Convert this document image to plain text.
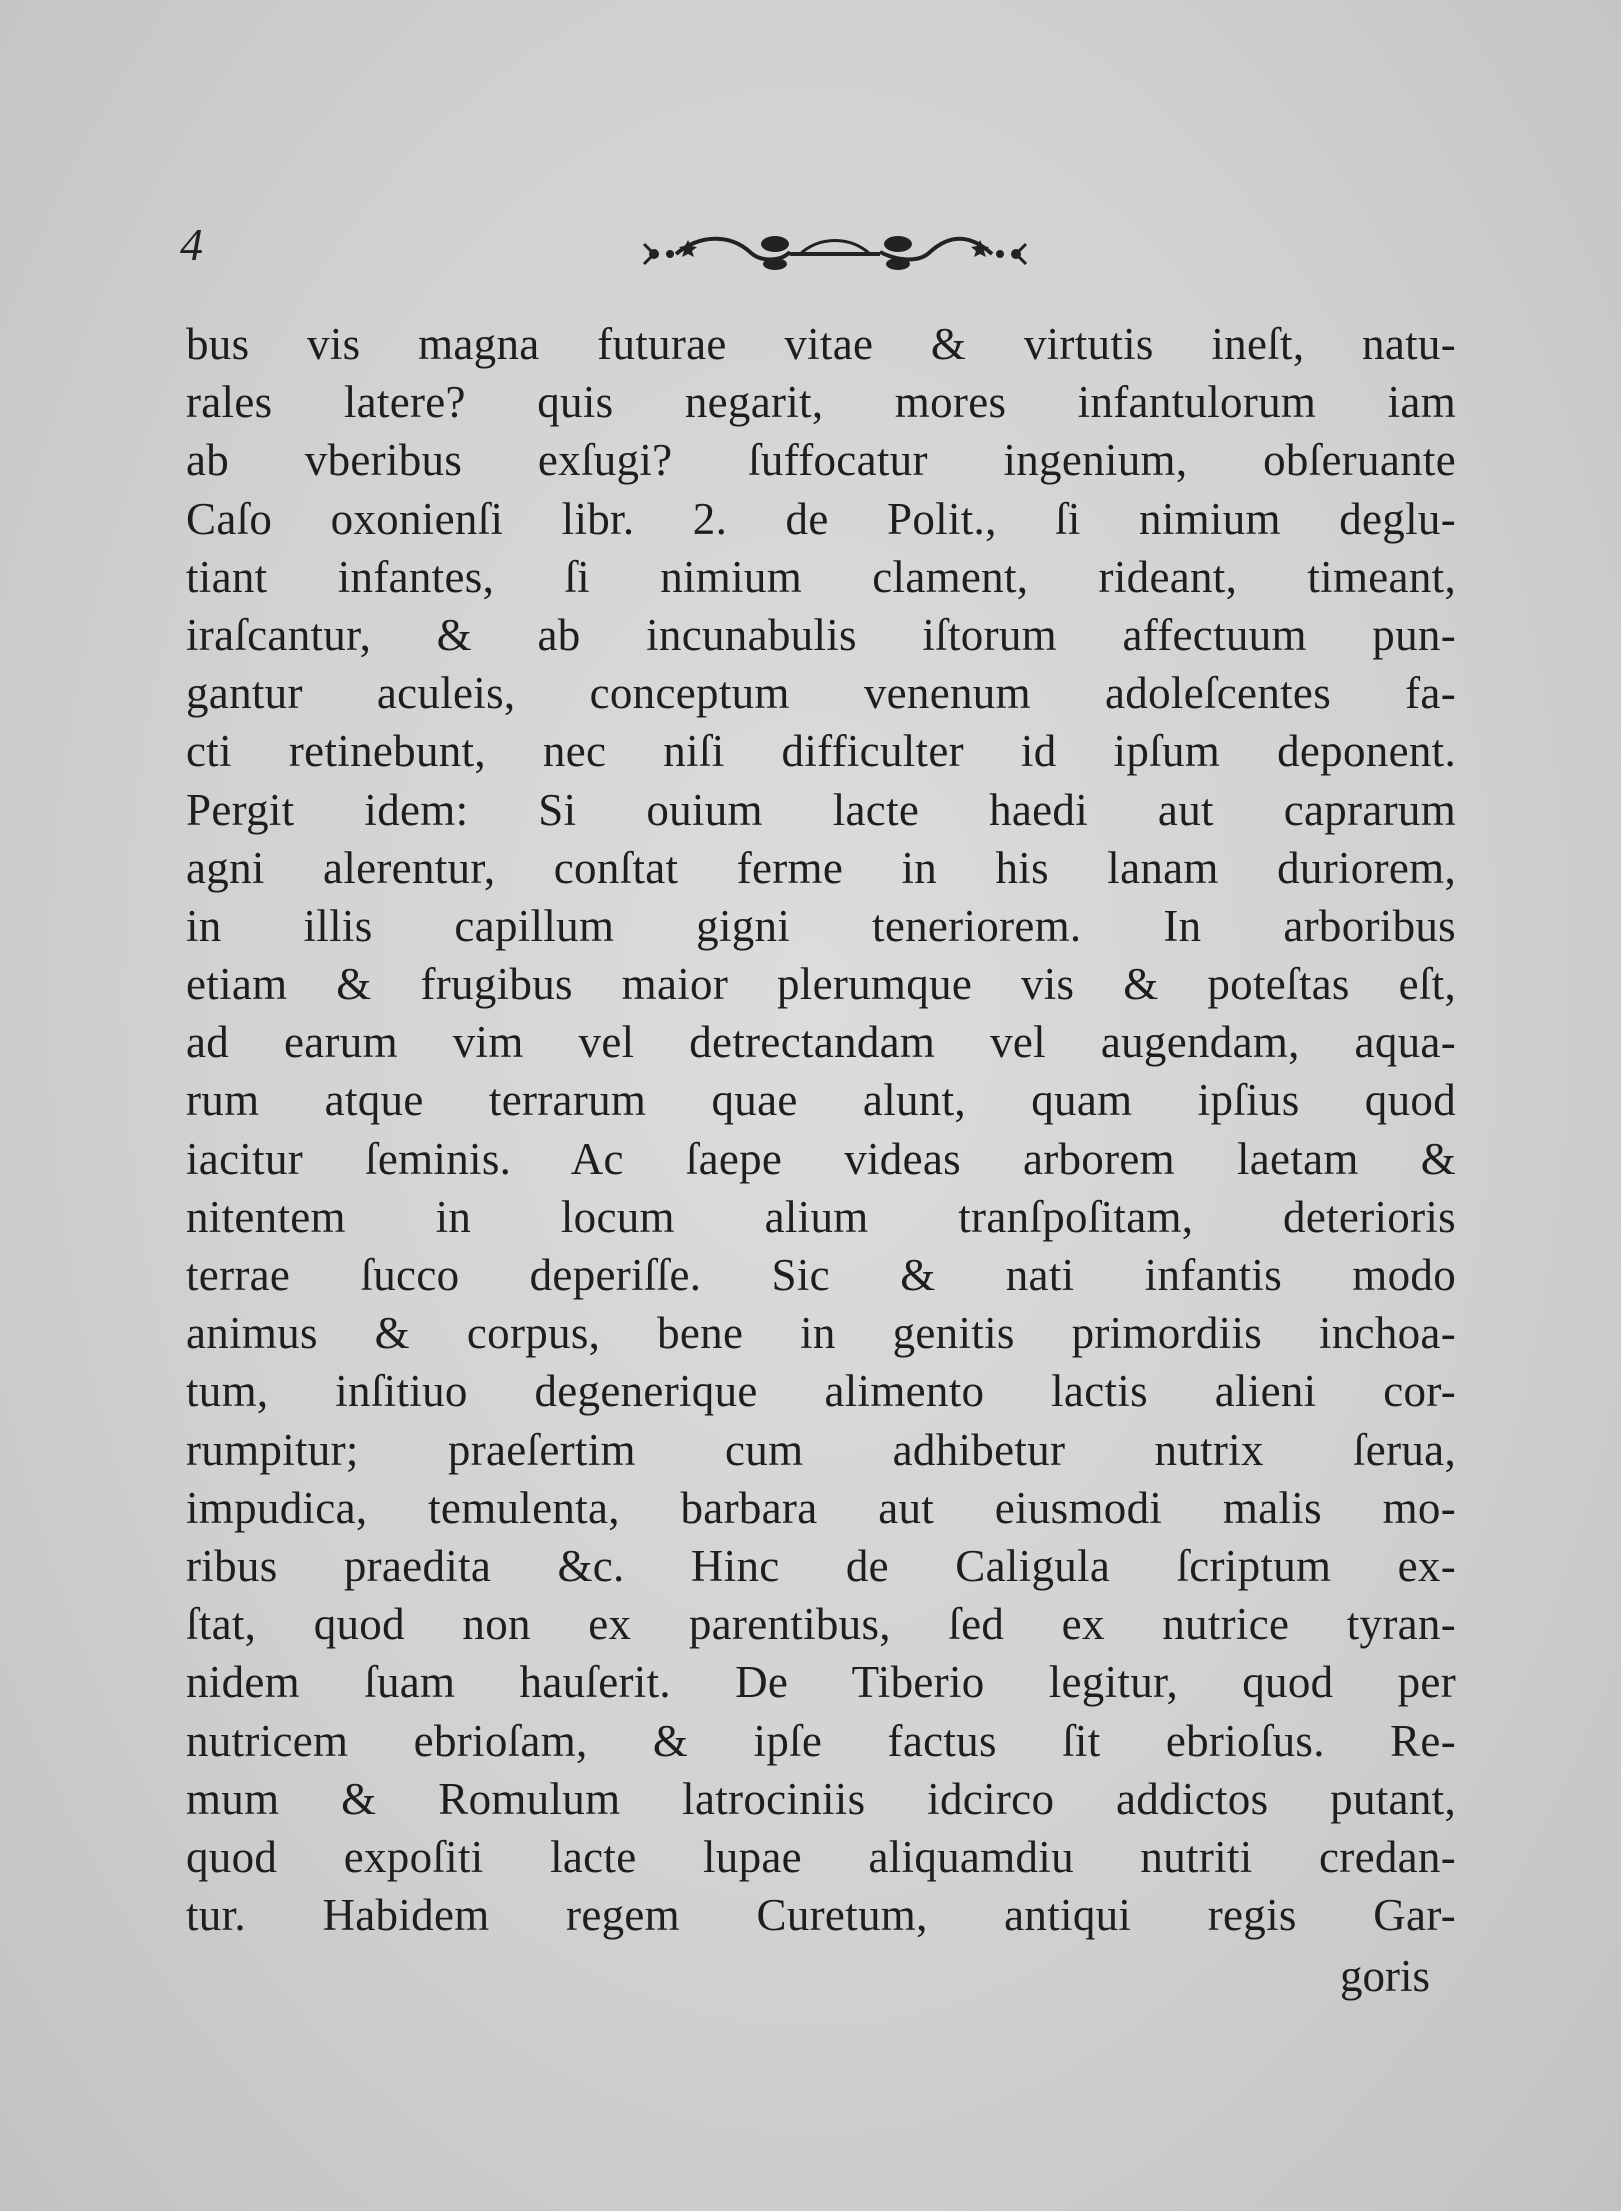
4
bus vis magna futurae vitae & virtutis ineſt, natu-
rales latere? quis negarit, mores infantulorum iam
ab vberibus exſugi? ſuffocatur ingenium, obſeruante
Caſo oxonienſi libr. 2. de Polit., ſi nimium deglu-
tiant infantes, ſi nimium clament, rideant, timeant,
iraſcantur, & ab incunabulis iſtorum affectuum pun-
gantur aculeis, conceptum venenum adoleſcentes fa-
cti retinebunt, nec niſi difficulter id ipſum deponent.
Pergit idem: Si ouium lacte haedi aut caprarum
agni alerentur, conſtat ferme in his lanam duriorem,
in illis capillum gigni teneriorem. In arboribus
etiam & frugibus maior plerumque vis & poteſtas eſt,
ad earum vim vel detrectandam vel augendam, aqua-
rum atque terrarum quae alunt, quam ipſius quod
iacitur ſeminis. Ac ſaepe videas arborem laetam &
nitentem in locum alium tranſpoſitam, deterioris
terrae ſucco deperiſſe. Sic & nati infantis modo
animus & corpus, bene in genitis primordiis inchoa-
tum, inſitiuo degenerique alimento lactis alieni cor-
rumpitur; praeſertim cum adhibetur nutrix ſerua,
impudica, temulenta, barbara aut eiusmodi malis mo-
ribus praedita &c. Hinc de Caligula ſcriptum ex-
ſtat, quod non ex parentibus, ſed ex nutrice tyran-
nidem ſuam hauſerit. De Tiberio legitur, quod per
nutricem ebrioſam, & ipſe factus ſit ebrioſus. Re-
mum & Romulum latrociniis idcirco addictos putant,
quod expoſiti lacte lupae aliquamdiu nutriti credan-
tur. Habidem regem Curetum, antiqui regis Gar-
goris
